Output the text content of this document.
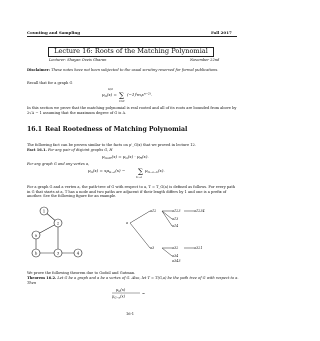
Counting and Sampling	Fall 2017
Lecture 16: Roots of the Matching Polynomial
Lecturer: Shayan Oveis Gharan	November 22nd
Disclaimer: These notes have not been subjected to the usual scrutiny reserved for formal publications.
Recall that for a graph G
n/2
$\mu_G(x)$ = ∑
i=0
$(-1)^im_ix^{n-2i}$.
In this section we prove that the matching polynomial is real rooted and all of its roots are bounded from above by 2√Δ − 1 assuming that the maximum degree of G is Δ.
16.1 Real Rootedness of Matching Polynomial
The following fact can be proven similar to the facts on μ'_G(x) that we proved in lecture 12.
Fact 16.1. For any pair of disjoint graphs G, H
$\mu_{G\cup H}(x) = \mu_G(x) \cdot \mu_H(x)$.
For any graph G and any vertex a,
$\mu_G(x) = x\mu_{G-a}(x)$ − ∑
b∼a
$\mu_{G-a-b}(x)$.
For a graph G and a vertex a, the path-tree of G with respect to a, T = T_G(a) is defined as follows. For every path in G that starts at a, T has a node and two paths are adjacent if their length differs by 1 and one is a prefix of another. See the following figure for an example.
1
2
a
b	3	4
a
a12	a123	a1234
a13
a14
a3	a32	a321
a34
a343
We prove the following theorem due to Godsil and Gutman.
Theorem 16.2. Let G be a graph and a be a vertex of G. Also, let T = T(G,a) be the path tree of G with respect to a. Then
$\mu_G(x)$
$\mu_{G-a}(x)$
=
16-1
